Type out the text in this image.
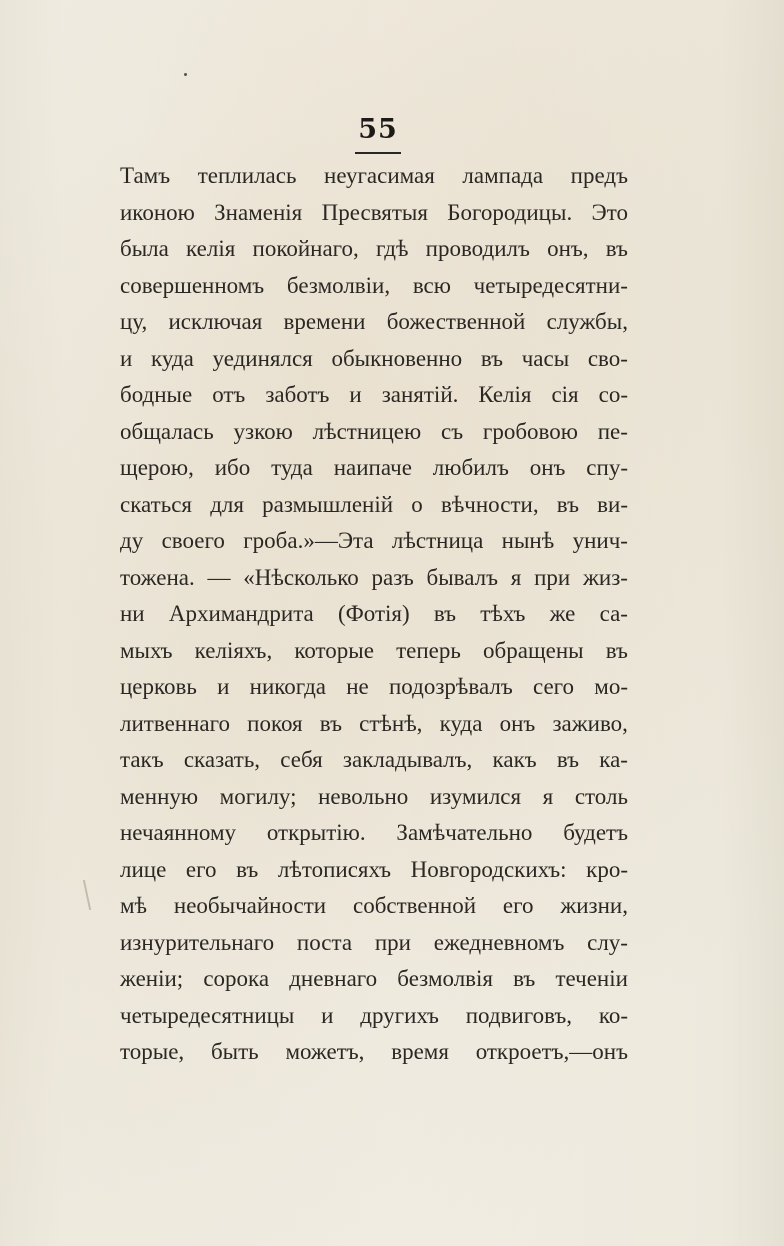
55
Тамъ теплилась неугасимая лампада предъ
иконою Знаменія Пресвятыя Богородицы. Это
была келія покойнаго, гдѣ проводилъ онъ, въ
совершенномъ безмолвіи, всю четыредесятни-
цу, исключая времени божественной службы,
и куда уединялся обыкновенно въ часы сво-
бодные отъ заботъ и занятій. Келія сія со-
общалась узкою лѣстницею съ гробовою пе-
щерою, ибо туда наипаче любилъ онъ спу-
скаться для размышленій о вѣчности, въ ви-
ду своего гроба.»—Эта лѣстница нынѣ унич-
тожена. — «Нѣсколько разъ бывалъ я при жиз-
ни Архимандрита (Фотія) въ тѣхъ же са-
мыхъ келіяхъ, которые теперь обращены въ
церковь и никогда не подозрѣвалъ сего мо-
литвеннаго покоя въ стѣнѣ, куда онъ заживо,
такъ сказать, себя закладывалъ, какъ въ ка-
менную могилу; невольно изумился я столь
нечаянному открытію. Замѣчательно будетъ
лице его въ лѣтописяхъ Новгородскихъ: кро-
мѣ необычайности собственной его жизни,
изнурительнаго поста при ежедневномъ слу-
женіи; сорока дневнаго безмолвія въ теченіи
четыредесятницы и другихъ подвиговъ, ко-
торые, быть можетъ, время откроетъ,—онъ
